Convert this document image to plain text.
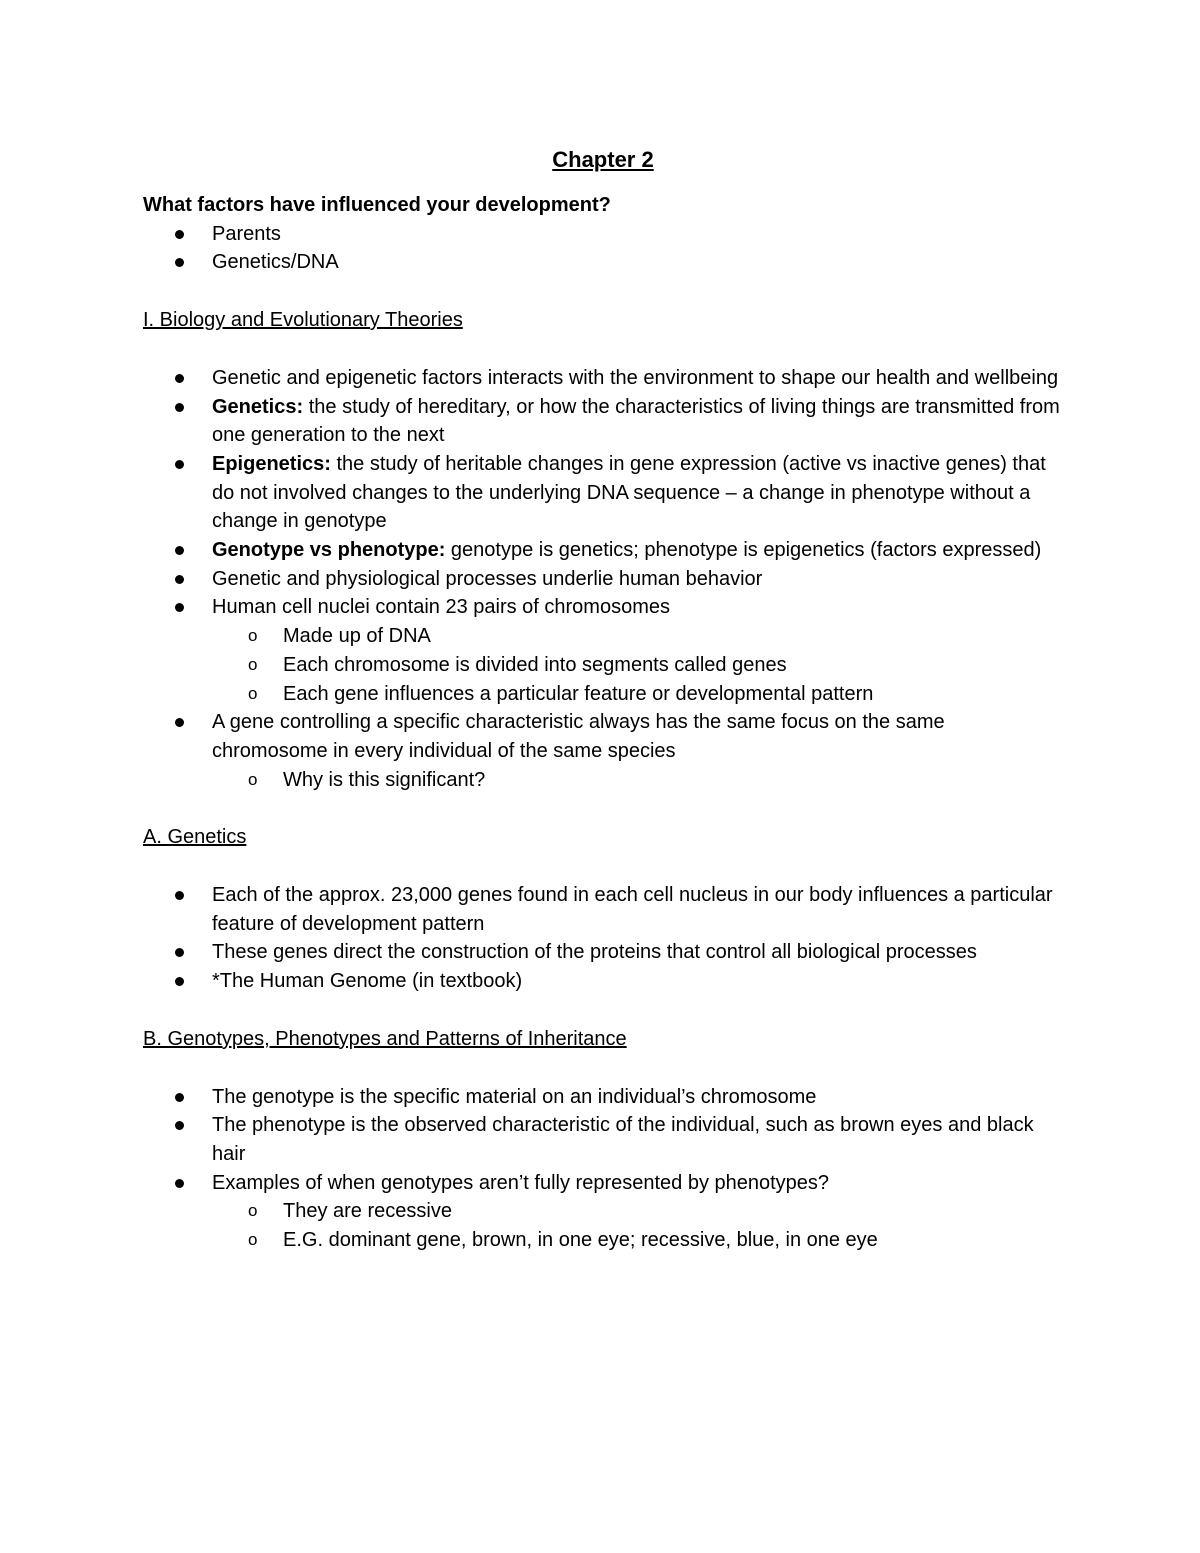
Chapter 2
What factors have influenced your development?
Parents
Genetics/DNA
I. Biology and Evolutionary Theories
Genetic and epigenetic factors interacts with the environment to shape our health and wellbeing
Genetics: the study of hereditary, or how the characteristics of living things are transmitted from one generation to the next
Epigenetics: the study of heritable changes in gene expression (active vs inactive genes) that do not involved changes to the underlying DNA sequence – a change in phenotype without a change in genotype
Genotype vs phenotype: genotype is genetics; phenotype is epigenetics (factors expressed)
Genetic and physiological processes underlie human behavior
Human cell nuclei contain 23 pairs of chromosomes
o Made up of DNA
o Each chromosome is divided into segments called genes
o Each gene influences a particular feature or developmental pattern
A gene controlling a specific characteristic always has the same focus on the same chromosome in every individual of the same species
o Why is this significant?
A. Genetics
Each of the approx. 23,000 genes found in each cell nucleus in our body influences a particular feature of development pattern
These genes direct the construction of the proteins that control all biological processes
*The Human Genome (in textbook)
B. Genotypes, Phenotypes and Patterns of Inheritance
The genotype is the specific material on an individual’s chromosome
The phenotype is the observed characteristic of the individual, such as brown eyes and black hair
Examples of when genotypes aren’t fully represented by phenotypes?
o They are recessive
o E.G. dominant gene, brown, in one eye; recessive, blue, in one eye
